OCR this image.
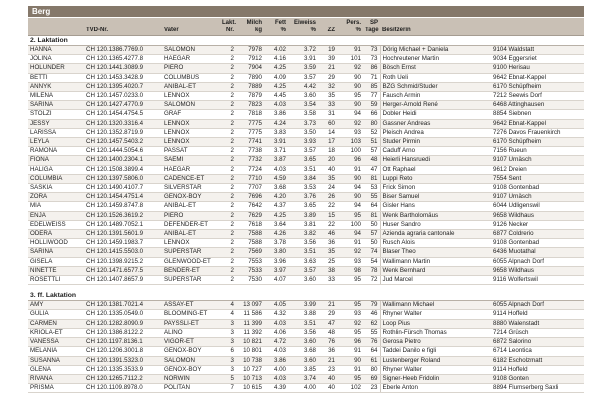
Berg
			Lakt.	Milch	Fett	Eiweiss		Pers.	SP		
	TVD-Nr.	Vater	Nr.	kg	%	%	ZZ	%	Tage	Besitzerin	
2. Laktation											
HANNA	CH 120.1386.7769.0	SALOMON	2	7978	4.02	3.72	19	91	73	Dörig Michael + Daniela	9104 Waldstatt
JOLINA	CH 120.1365.4277.8	HAEGAR	2	7912	4.16	3.91	39	101	73	Hochreutener Martin	9034 Eggersriet
HOLUNDER	CH 120.1441.3089.9	PIERO	2	7904	4.25	3.59	21	92	86	Bösch Ernst	9100 Herisau
BETTI	CH 120.1453.3428.9	COLUMBUS	2	7890	4.09	3.57	29	90	71	Roth Ueli	9642 Ebnat-Kappel
ANNYK	CH 120.1395.4020.7	ANIBAL-ET	2	7889	4.25	4.42	32	90	85	BZG Schmid/Studer	6170 Schüpfheim
MILENA	CH 120.1457.0233.0	LENNOX	2	7879	4.45	3.60	35	95	77	Fausch Armin	7212 Seewis Dorf
SARINA	CH 120.1427.4770.9	SALOMON	2	7823	4.03	3.54	33	90	59	Herger-Arnold René	6468 Attinghausen
STOLZI	CH 120.1454.4754.5	GRAF	2	7818	3.86	3.58	31	94	66	Dobler Heidi	8854 Siebnen
JESSY	CH 120.1320.3316.4	LENNOX	2	7775	4.24	3.73	60	92	80	Gassner Andreas	9642 Ebnat-Kappel
LARISSA	CH 120.1352.8719.9	LENNOX	2	7775	3.83	3.50	14	93	52	Pleisch Andrea	7276 Davos Frauenkirch
LEYLA	CH 120.1457.5403.2	LENNOX	2	7741	3.91	3.93	17	103	51	Studer Pirmin	6170 Schüpfheim
RAMONA	CH 120.1444.5054.6	PASSAT	2	7738	3.71	3.57	18	100	57	Caduff Arno	7156 Rueun
FIONA	CH 120.1400.2304.1	SAEMI	2	7732	3.87	3.65	20	96	48	Heierli Hansruedi	9107 Urnäsch
HALIGA	CH 120.1508.3899.4	HAEGAR	2	7724	4.03	3.51	40	91	47	Ott Raphael	9612 Dreien
COLUMBIA	CH 120.1397.5806.0	CADENCE-ET	2	7710	4.59	3.84	35	90	81	Luppi Reto	7554 Sent
SASKIA	CH 120.1490.4107.7	SILVERSTAR	2	7707	3.68	3.53	24	94	53	Frick Simon	9108 Gontenbad
ZORA	CH 120.1454.4751.4	GENOX-BOY	2	7696	4.20	3.76	26	90	55	Biser Samuel	9107 Urnäsch
MIA	CH 120.1459.8747.8	ANIBAL-ET	2	7642	4.37	3.65	22	94	64	Gisler Hans	6044 Udligenswil
ENJA	CH 120.1526.3619.2	PIERO	2	7629	4.25	3.89	15	95	81	Wenk Bartholomäus	9658 Wildhaus
EDELWEISS	CH 120.1489.7052.1	DEFENDER-ET	2	7618	3.64	3.81	22	100	50	Huser Sandro	9126 Necker
ODERA	CH 120.1391.5601.9	ANIBAL-ET	2	7588	4.26	3.82	46	94	57	Azienda agraria cantonale	6877 Coldrerio
HOLLIWOOD	CH 120.1459.1983.7	LENNOX	2	7588	3.78	3.56	36	91	50	Rusch Alois	9108 Gontenbad
SARINA	CH 120.1415.5503.0	SUPERSTAR	2	7569	3.80	3.51	35	92	74	Blaser Theo	6436 Muotathal
GISELA	CH 120.1398.9215.2	GLENWOOD-ET	2	7553	3.96	3.63	25	93	54	Wallimann Martin	6055 Alpnach Dorf
NINETTE	CH 120.1471.6577.5	BENDER-ET	2	7533	3.97	3.57	38	98	78	Wenk Bernhard	9658 Wildhaus
ROSETTLI	CH 120.1407.8657.9	SUPERSTAR	2	7530	4.07	3.60	33	95	72	Jud Marcel	9116 Wolfertswil

3. ff. Laktation											
AMY	CH 120.1381.7021.4	ASSAY-ET	4	13 097	4.05	3.99	21	95	79	Wallimann Michael	6055 Alpnach Dorf
GULIA	CH 120.1335.0549.0	BLOOMING-ET	4	11 586	4.32	3.88	29	93	46	Rhyner Walter	9114 Hoffeld
CARMEN	CH 120.1282.8090.9	PAYSSLI-ET	3	11 399	4.03	3.51	47	92	62	Loop Pius	8880 Walenstadt
KRIOLA-ET	CH 120.1386.8122.2	ALINO	3	11 392	4.06	3.56	48	95	55	Rothlin-Fürsch Thomas	7214 Grüsch
VANESSA	CH 120.1197.8136.1	VIGOR-ET	3	10 821	4.72	3.60	76	96	76	Gerosa Pietro	6872 Salorino
MELANIA	CH 120.1206.3001.8	GENOX-BOY	6	10 801	4.03	3.68	36	91	64	Taddei Danilo e figli	6714 Leontica
SUSANNA	CH 120.1391.5323.0	SALOMON	3	10 738	3.86	3.60	21	90	61	Lustenberger Roland	6182 Escholzmatt
GLENA	CH 120.1335.3533.9	GENOX-BOY	3	10 727	4.00	3.85	23	91	80	Rhyner Walter	9114 Hoffeld
RIVANA	CH 120.1265.7112.2	NORWIN	5	10 713	4.03	3.74	40	95	69	Signer-Heeb Fridolin	9108 Gonten
PRISMA	CH 120.1109.8978.0	POLITAN	7	10 615	4.39	4.00	40	102	23	Eberle Anton	8894 Flumserberg Saxli
